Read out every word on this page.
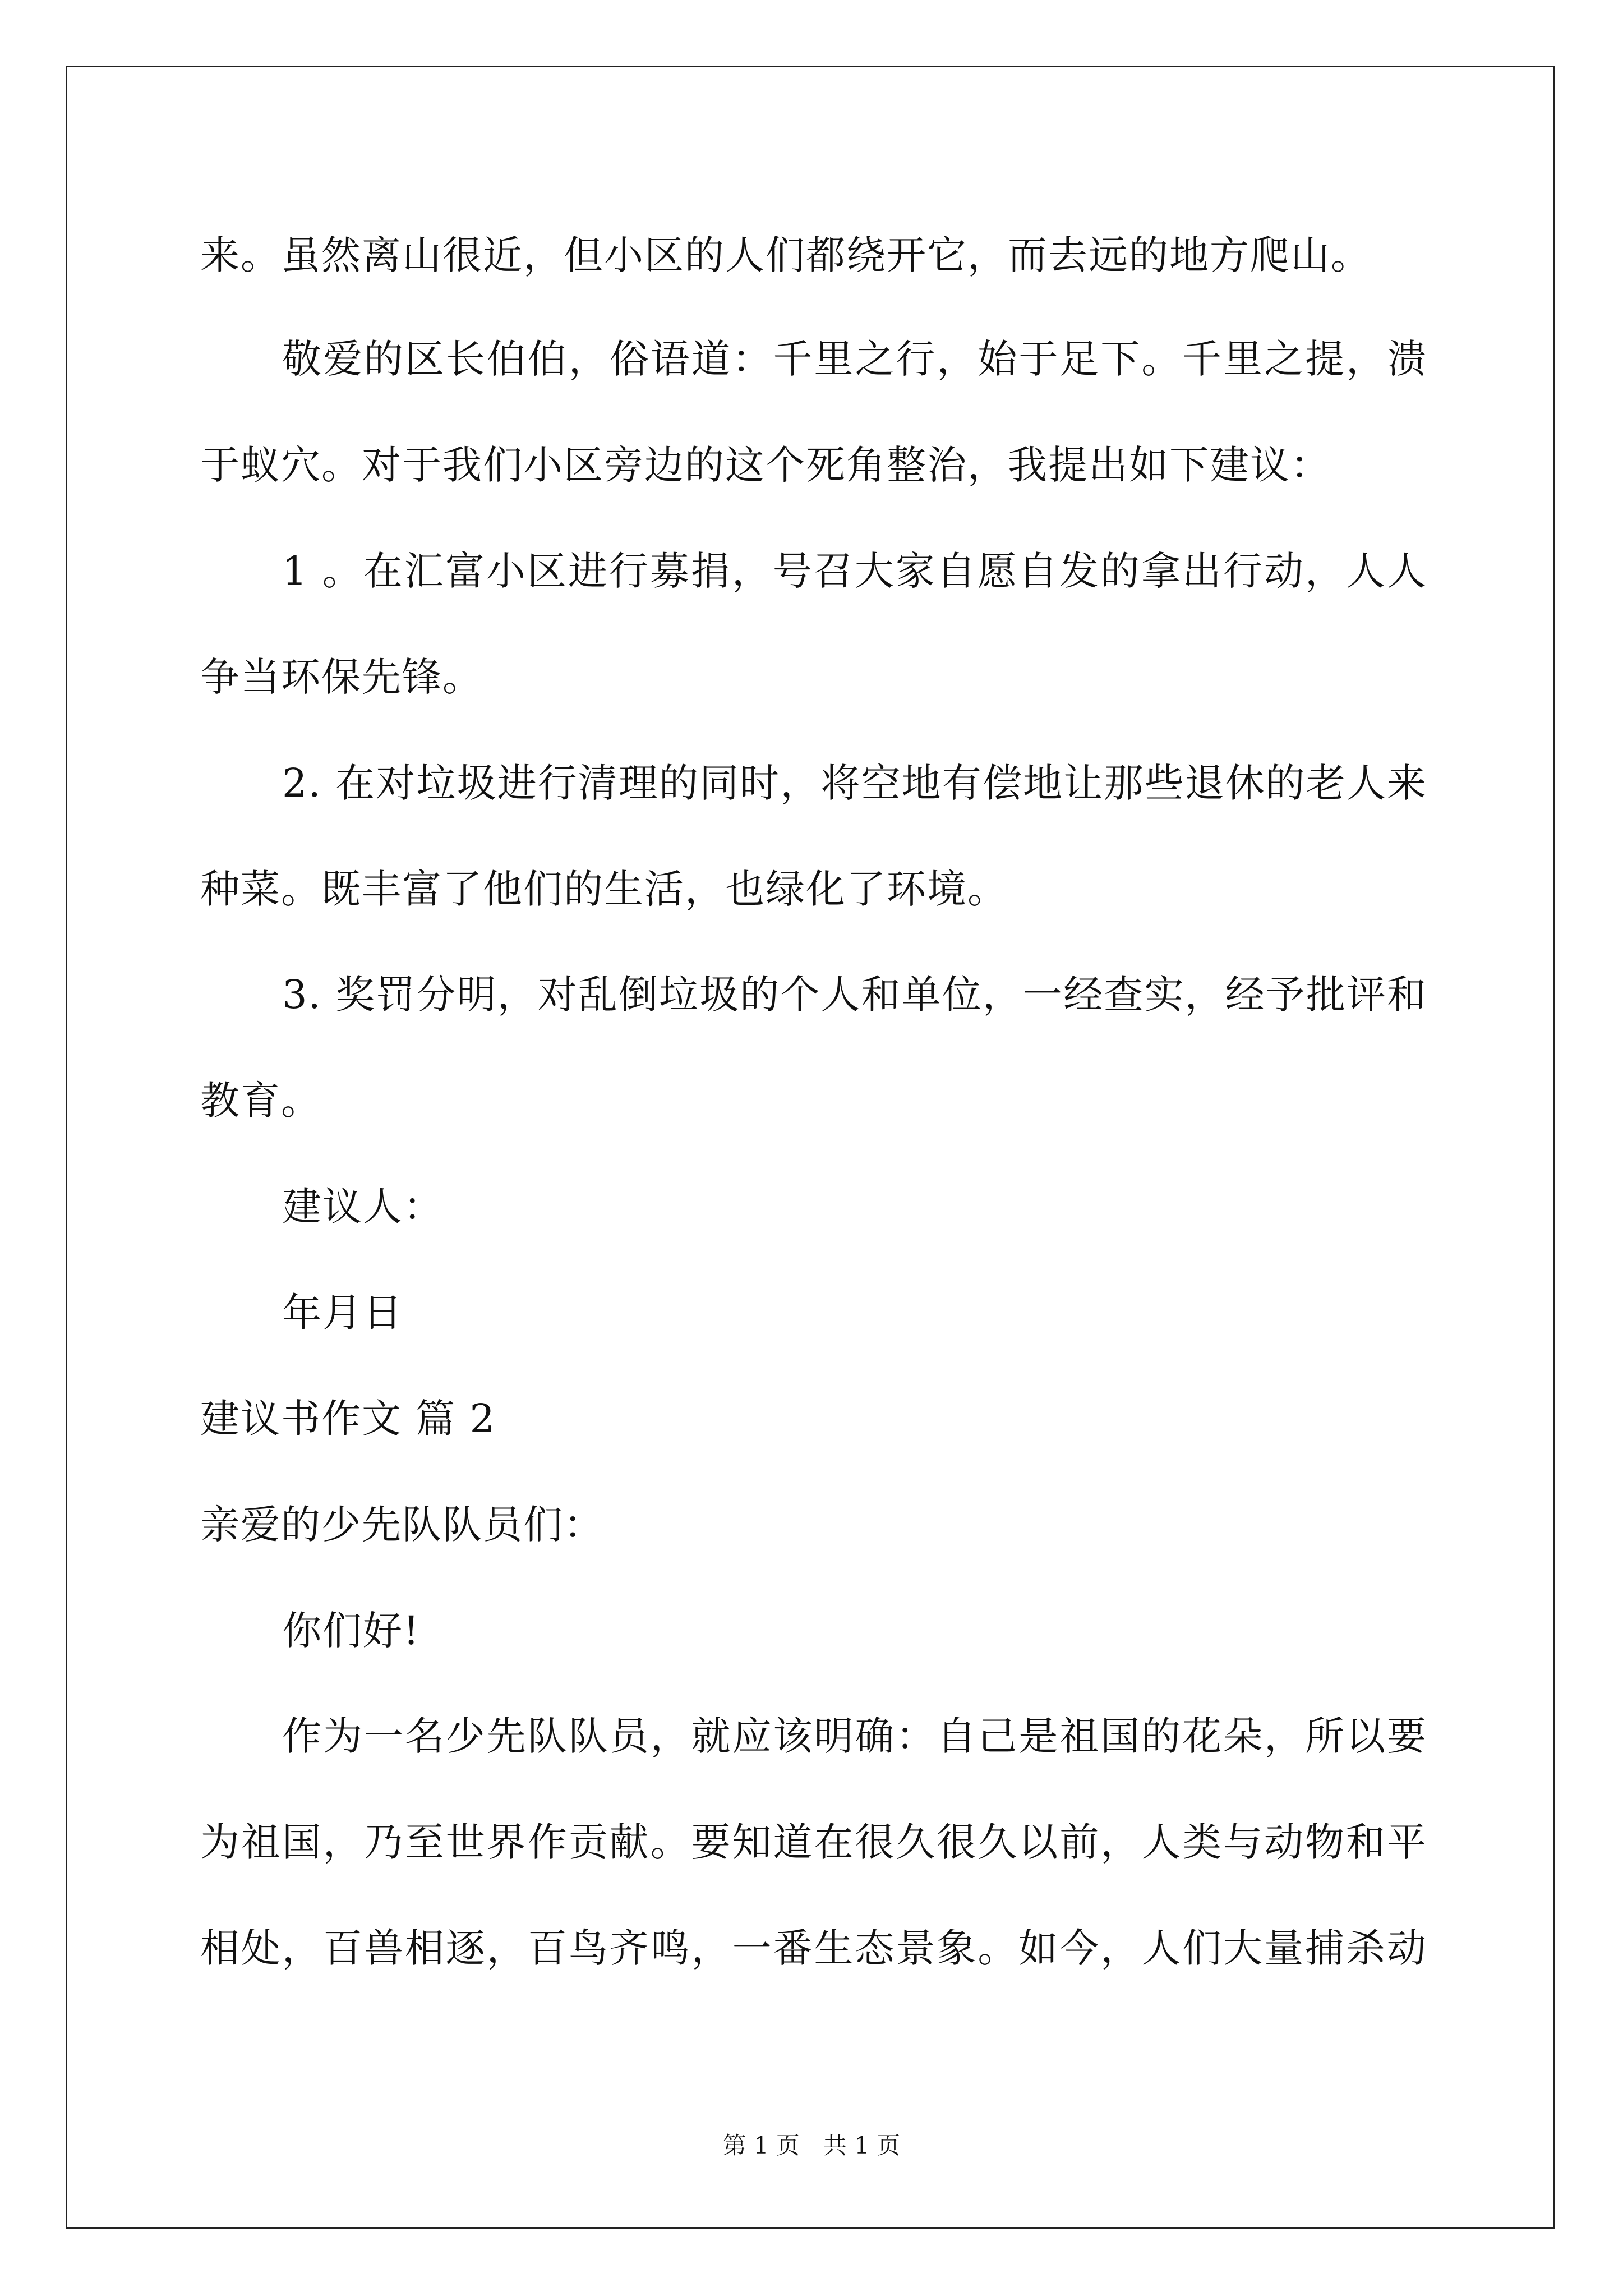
来。虽然离山很近，但小区的人们都绕开它，而去远的地方爬山。
敬爱的区长伯伯，俗语道：千里之行，始于足下。千里之提，溃
于蚁穴。对于我们小区旁边的这个死角整治，我提出如下建议：
1 。在汇富小区进行募捐，号召大家自愿自发的拿出行动，人人
争当环保先锋。
2. 在对垃圾进行清理的同时，将空地有偿地让那些退休的老人来
种菜。既丰富了他们的生活，也绿化了环境。
3. 奖罚分明，对乱倒垃圾的个人和单位，一经查实，经予批评和
教育。
建议人：
年月日
建议书作文 篇 2
亲爱的少先队队员们：
你们好!
作为一名少先队队员，就应该明确：自己是祖国的花朵，所以要
为祖国，乃至世界作贡献。要知道在很久很久以前，人类与动物和平
相处，百兽相逐，百鸟齐鸣，一番生态景象。如今，人们大量捕杀动
第 1 页　共 1 页
